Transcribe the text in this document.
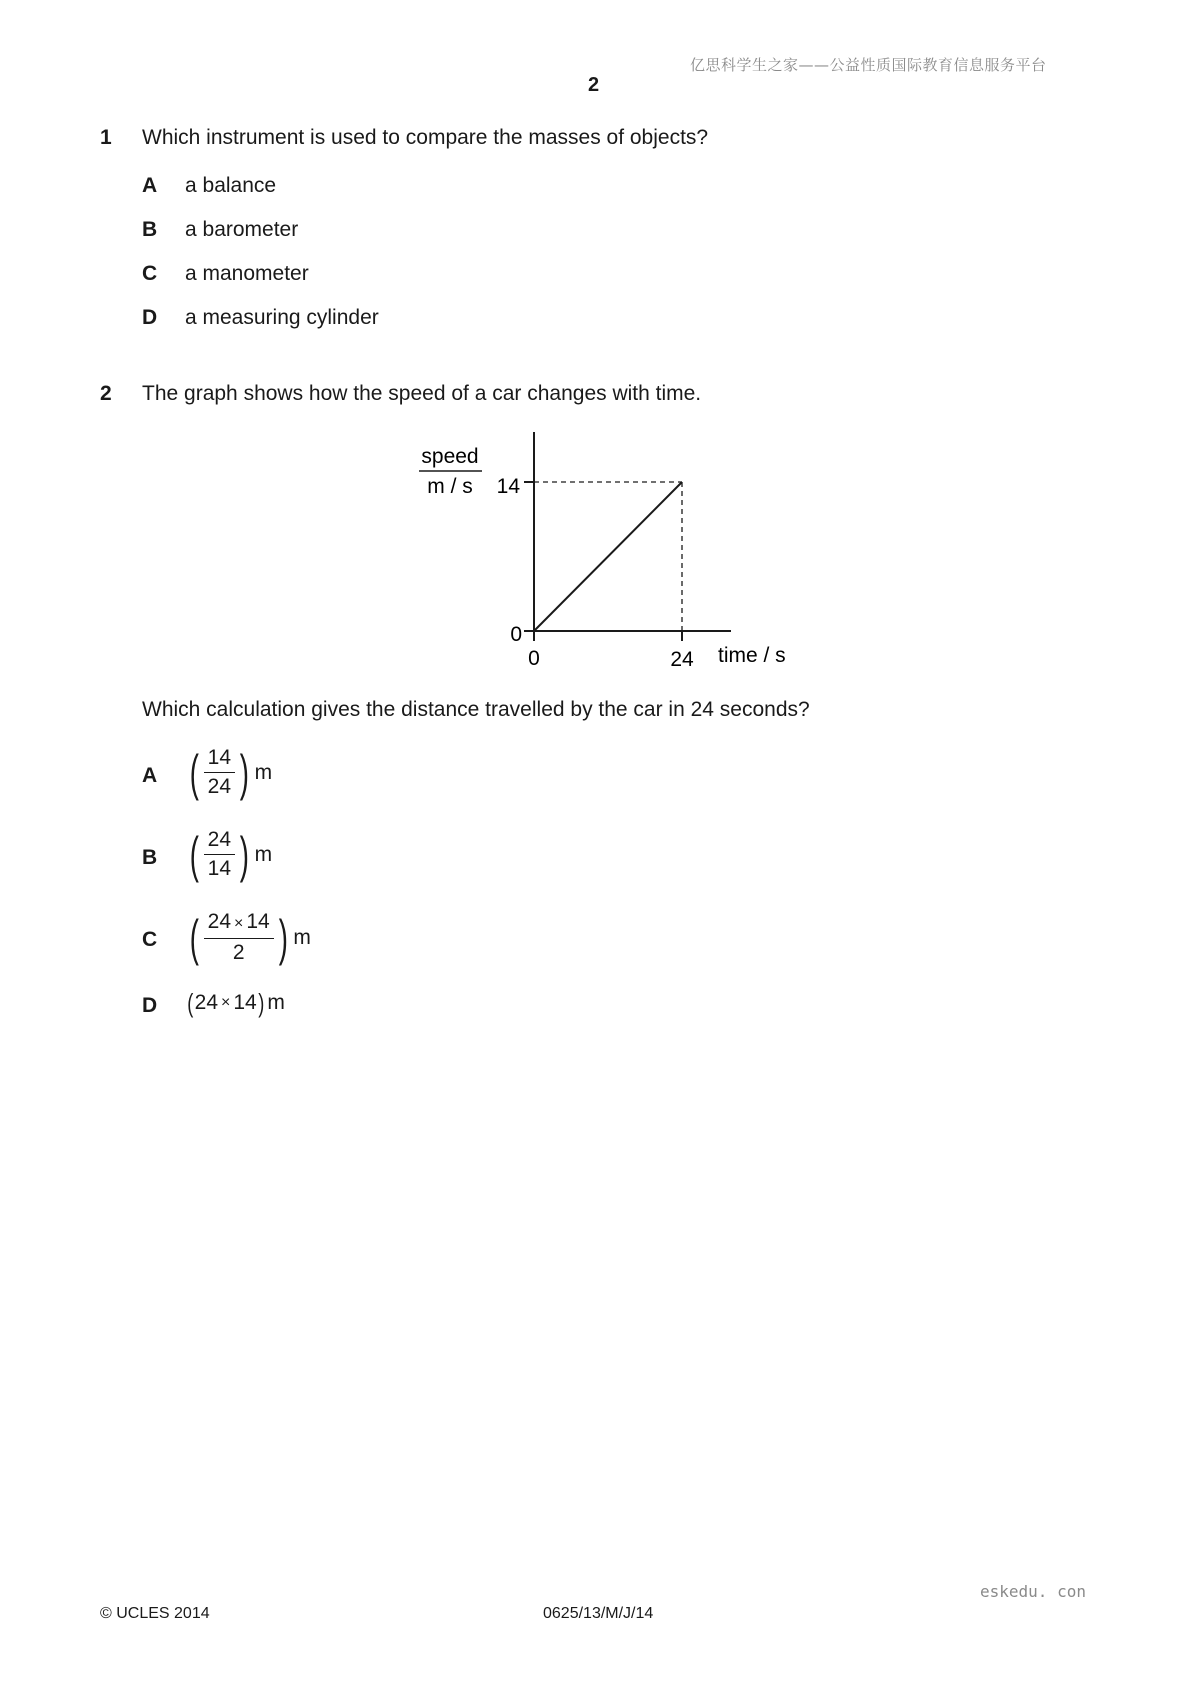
亿思科学生之家——公益性质国际教育信息服务平台
2
1 Which instrument is used to compare the masses of objects?
A a balance
B a barometer
C a manometer
D a measuring cylinder
2 The graph shows how the speed of a car changes with time.
speed
m / s 14
0
0	24 time / s
Which calculation gives the distance travelled by the car in 24 seconds?
A ( $\frac{14}{24}$ ) m
B ( $\frac{24}{14}$ ) m
C ( $\frac{24 \times 14}{2}$ ) m
D ( 24 × 14 ) m
eskedu. con
© UCLES 2014	0625/13/M/J/14
